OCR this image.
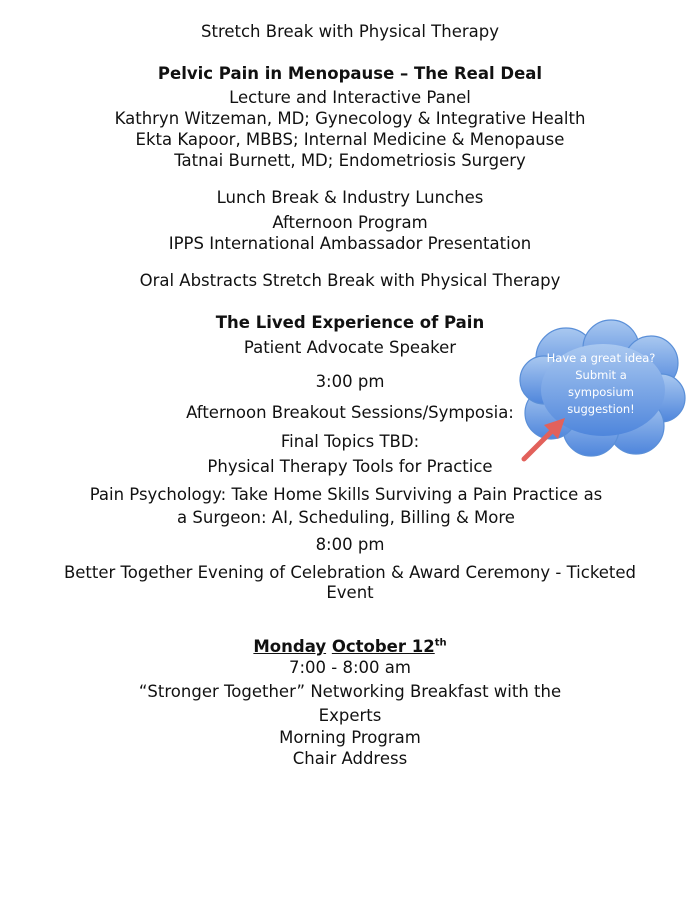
Stretch Break with Physical Therapy
Pelvic Pain in Menopause – The Real Deal
Lecture and Interactive Panel
Kathryn Witzeman, MD; Gynecology & Integrative Health
Ekta Kapoor, MBBS; Internal Medicine & Menopause
Tatnai Burnett, MD; Endometriosis Surgery
Lunch Break & Industry Lunches
Afternoon Program
IPPS International Ambassador Presentation
Oral Abstracts Stretch Break with Physical Therapy
The Lived Experience of Pain
Patient Advocate Speaker
3:00 pm
Afternoon Breakout Sessions/Symposia:
Final Topics TBD:
Physical Therapy Tools for Practice
Pain Psychology: Take Home Skills Surviving a Pain Practice as
a Surgeon: AI, Scheduling, Billing & More
8:00 pm
Better Together Evening of Celebration & Award Ceremony - Ticketed
Event
Monday October 12th
7:00 - 8:00 am
“Stronger Together” Networking Breakfast with the
Experts
Morning Program
Chair Address
Have a great idea? Submit a symposium suggestion!
